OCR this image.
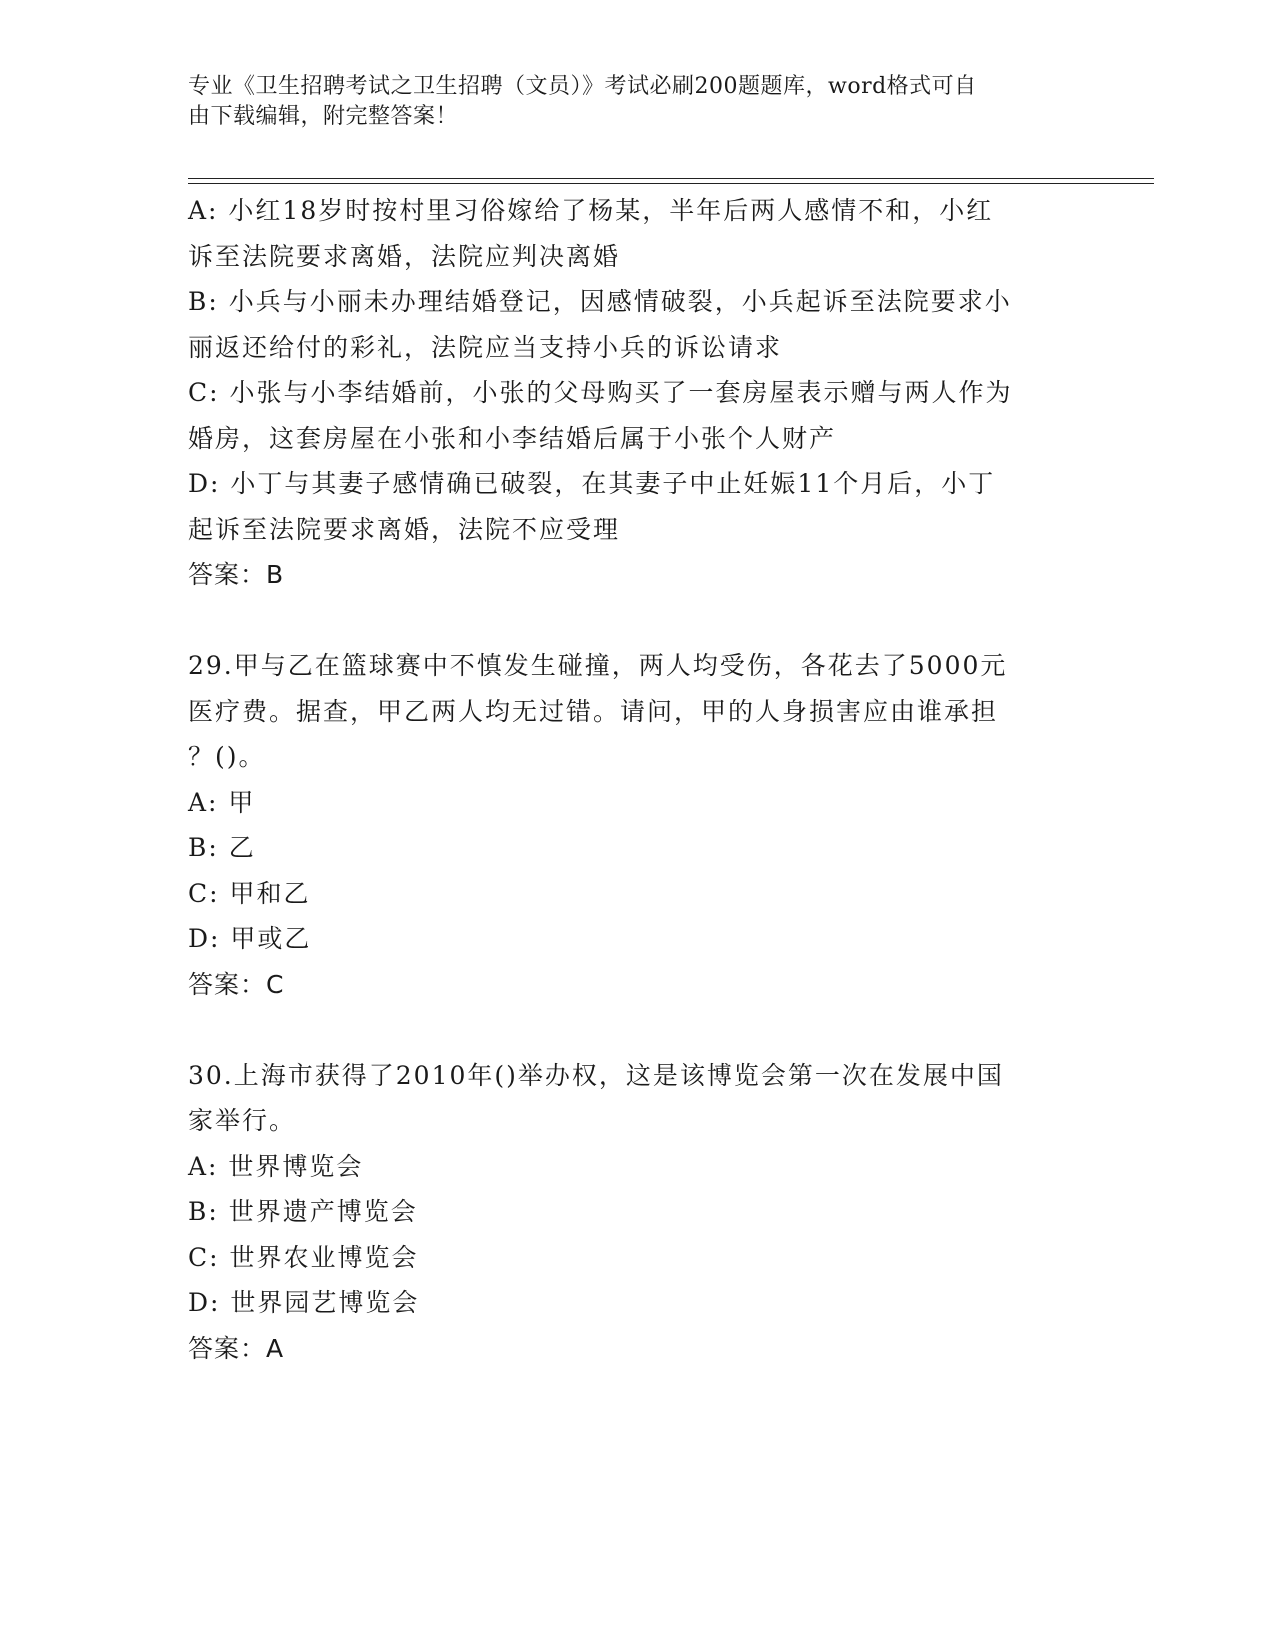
专业《卫生招聘考试之卫生招聘（文员）》考试必刷200题题库，word格式可自
由下载编辑，附完整答案！
A: 小红18岁时按村里习俗嫁给了杨某，半年后两人感情不和，小红
诉至法院要求离婚，法院应判决离婚
B: 小兵与小丽未办理结婚登记，因感情破裂，小兵起诉至法院要求小
丽返还给付的彩礼，法院应当支持小兵的诉讼请求
C: 小张与小李结婚前，小张的父母购买了一套房屋表示赠与两人作为
婚房，这套房屋在小张和小李结婚后属于小张个人财产
D: 小丁与其妻子感情确已破裂，在其妻子中止妊娠11个月后，小丁
起诉至法院要求离婚，法院不应受理
答案：B
29.甲与乙在篮球赛中不慎发生碰撞，两人均受伤，各花去了5000元
医疗费。据查，甲乙两人均无过错。请问，甲的人身损害应由谁承担
？()。
A: 甲
B: 乙
C: 甲和乙
D: 甲或乙
答案：C
30.上海市获得了2010年()举办权，这是该博览会第一次在发展中国
家举行。
A: 世界博览会
B: 世界遗产博览会
C: 世界农业博览会
D: 世界园艺博览会
答案：A
